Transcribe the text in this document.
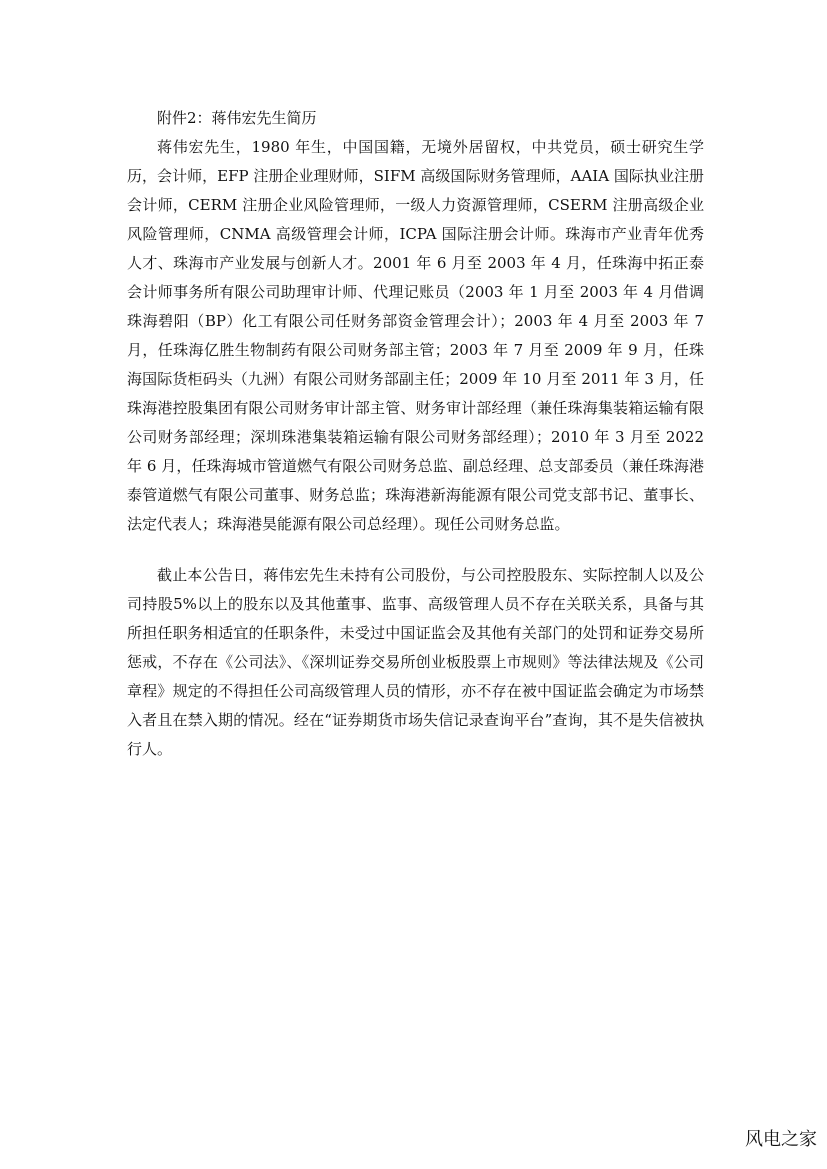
附件2：蒋伟宏先生简历

蒋伟宏先生，1980 年生，中国国籍，无境外居留权，中共党员，硕士研究生学历，会计师，EFP 注册企业理财师，SIFM 高级国际财务管理师，AAIA 国际执业注册会计师，CERM 注册企业风险管理师，一级人力资源管理师，CSERM 注册高级企业风险管理师，CNMA 高级管理会计师，ICPA 国际注册会计师。珠海市产业青年优秀人才、珠海市产业发展与创新人才。2001 年 6 月至 2003 年 4 月，任珠海中拓正泰会计师事务所有限公司助理审计师、代理记账员（2003 年 1 月至 2003 年 4 月借调珠海碧阳（BP）化工有限公司任财务部资金管理会计）；2003 年 4 月至 2003 年 7 月，任珠海亿胜生物制药有限公司财务部主管；2003 年 7 月至 2009 年 9 月，任珠海国际货柜码头（九洲）有限公司财务部副主任；2009 年 10 月至 2011 年 3 月，任珠海港控股集团有限公司财务审计部主管、财务审计部经理（兼任珠海集装箱运输有限公司财务部经理；深圳珠港集装箱运输有限公司财务部经理）；2010 年 3 月至 2022 年 6 月，任珠海城市管道燃气有限公司财务总监、副总经理、总支部委员（兼任珠海港泰管道燃气有限公司董事、财务总监；珠海港新海能源有限公司党支部书记、董事长、法定代表人；珠海港昊能源有限公司总经理）。现任公司财务总监。

截止本公告日，蒋伟宏先生未持有公司股份，与公司控股股东、实际控制人以及公司持股5%以上的股东以及其他董事、监事、高级管理人员不存在关联关系，具备与其所担任职务相适宜的任职条件，未受过中国证监会及其他有关部门的处罚和证券交易所惩戒，不存在《公司法》、《深圳证券交易所创业板股票上市规则》等法律法规及《公司章程》规定的不得担任公司高级管理人员的情形，亦不存在被中国证监会确定为市场禁入者且在禁入期的情况。经在“证券期货市场失信记录查询平台”查询，其不是失信被执行人。

风电之家
